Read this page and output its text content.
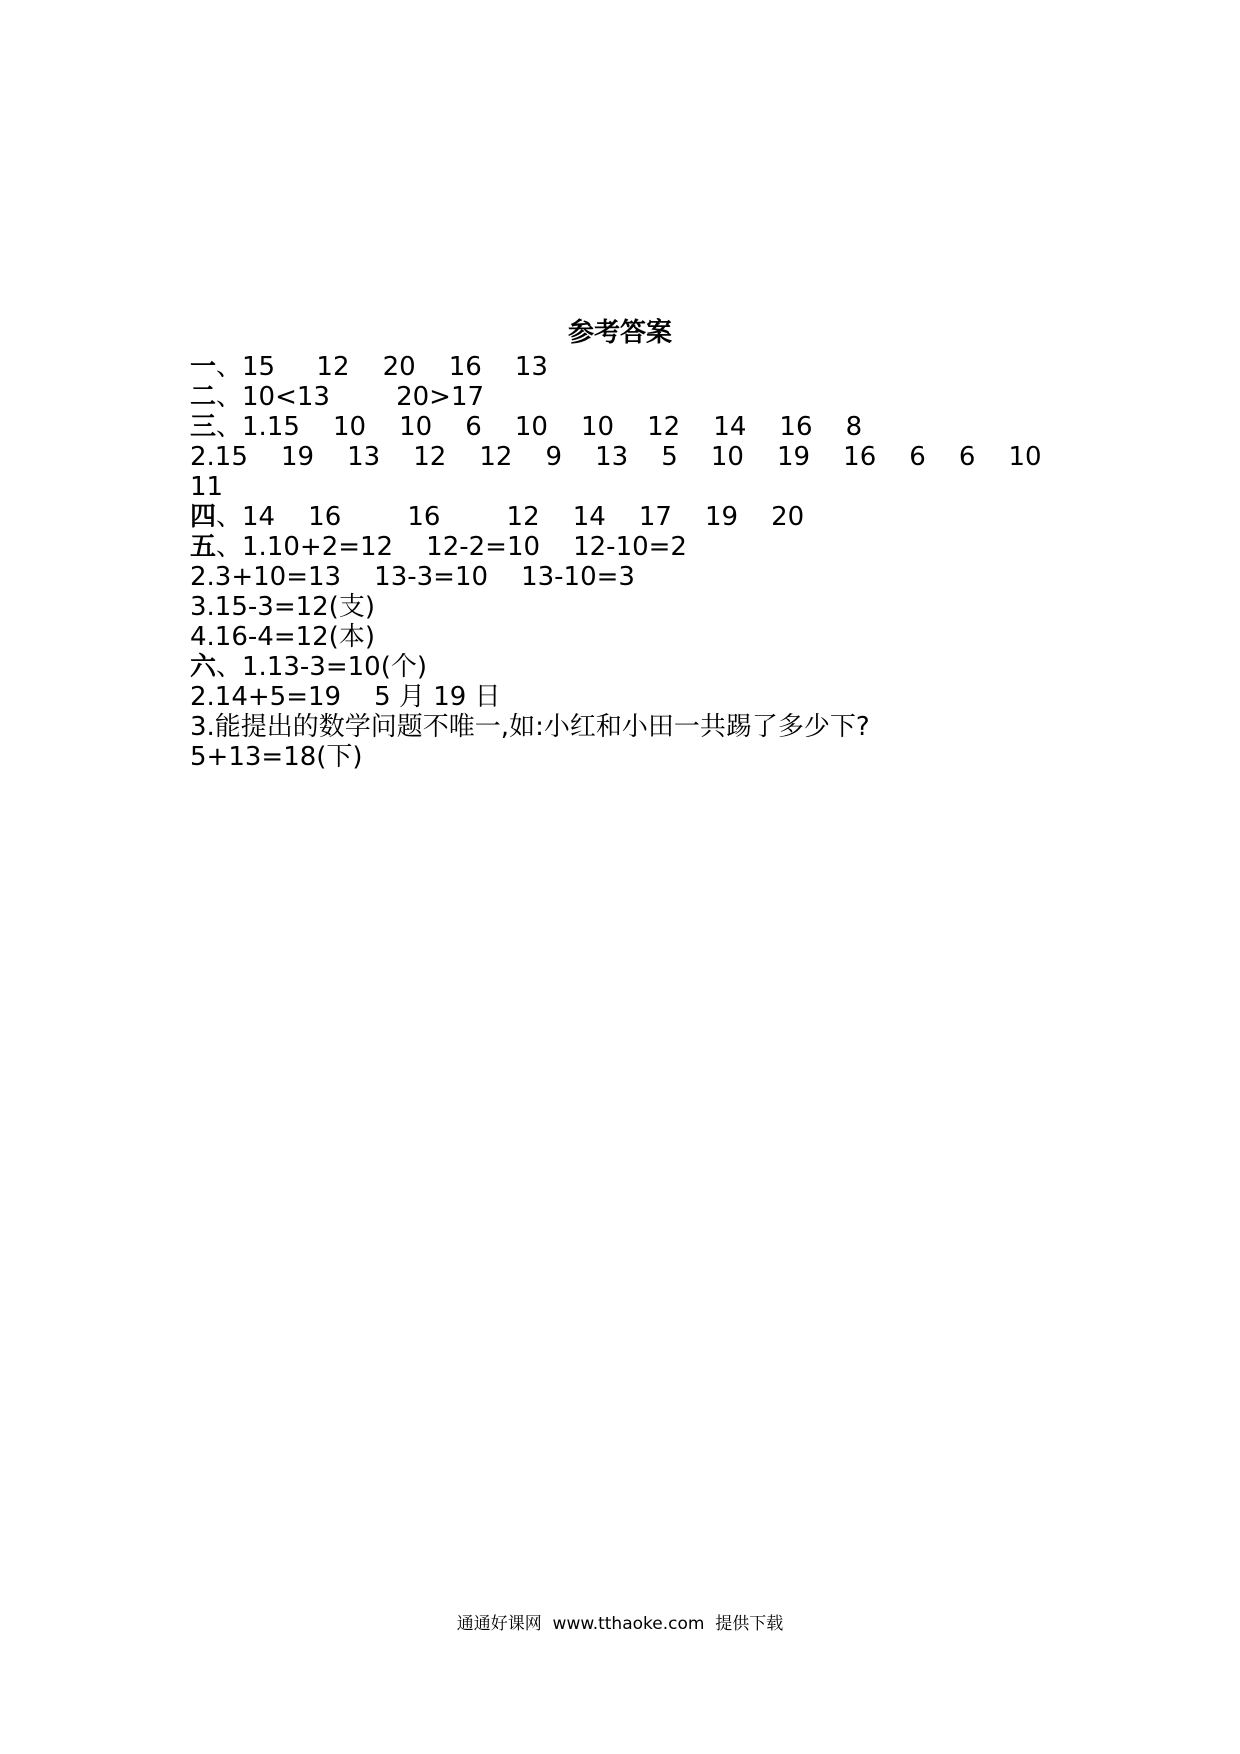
参考答案
一、15     12    20    16    13
二、10<13        20>17
三、1.15    10    10    6    10    10    12    14    16    8
2.15    19    13    12    12    9    13    5    10    19    16    6    6    10
11
四、14    16        16        12    14    17    19    20
五、1.10+2=12    12-2=10    12-10=2
2.3+10=13    13-3=10    13-10=3
3.15-3=12(支)
4.16-4=12(本)
六、1.13-3=10(个)
2.14+5=19    5 月 19 日
3.能提出的数学问题不唯一,如:小红和小田一共踢了多少下?
5+13=18(下)
通通好课网  www.tthaoke.com  提供下载
